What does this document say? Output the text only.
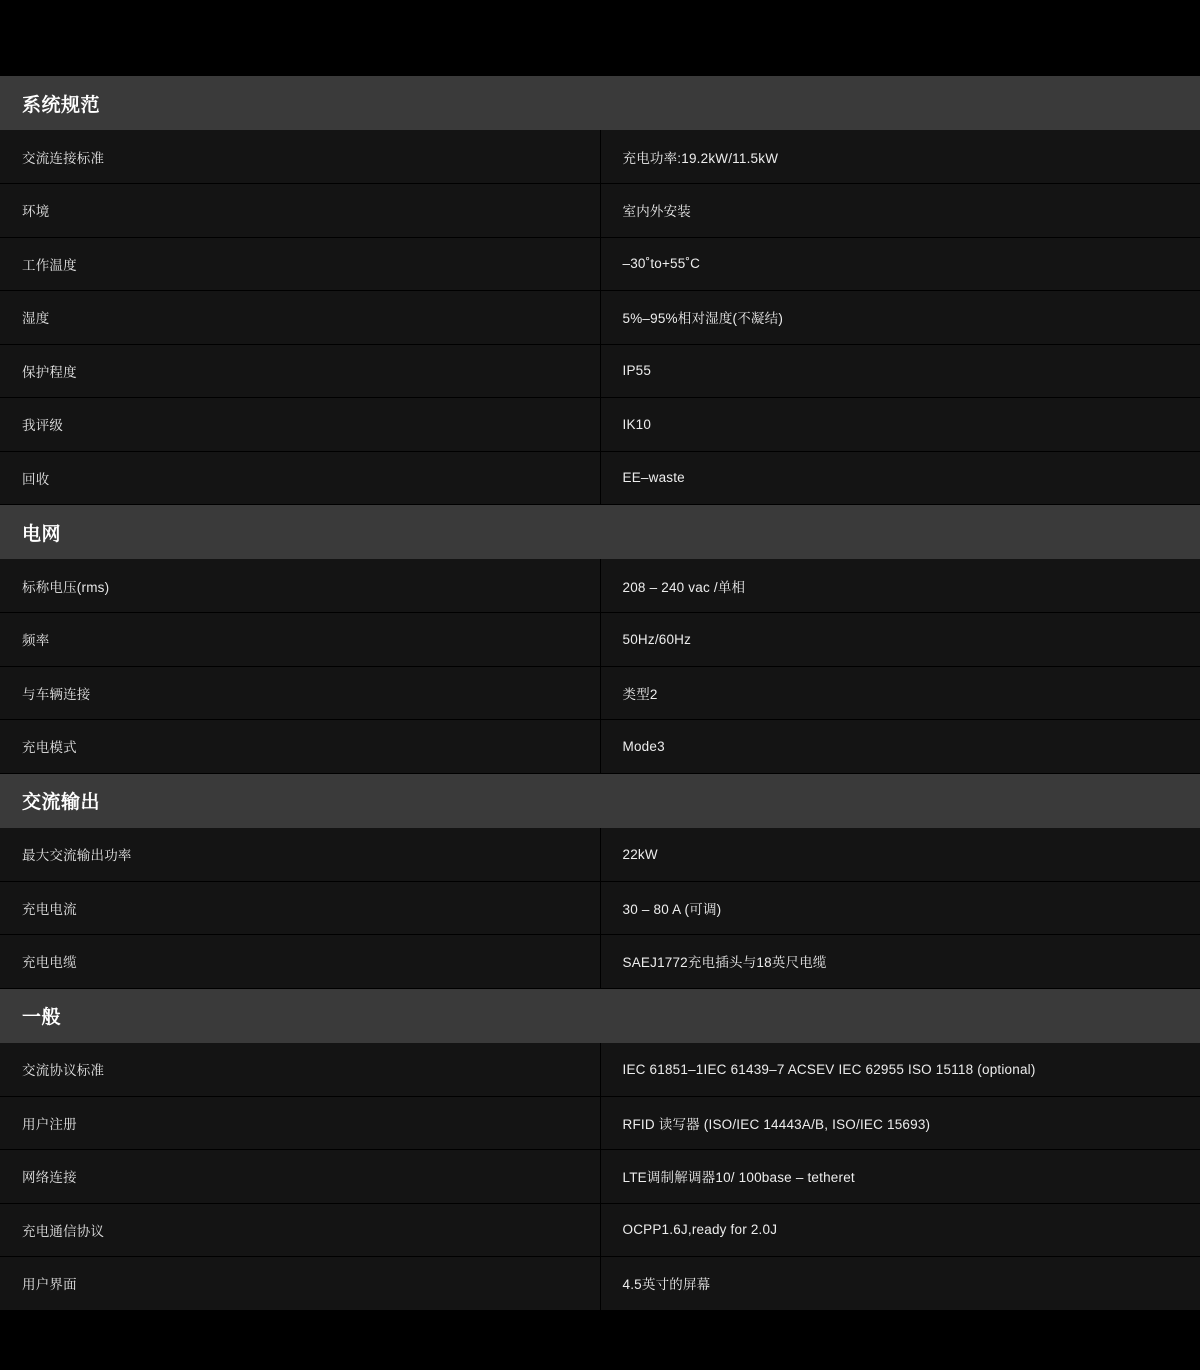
系统规范
交流连接标准	充电功率:19.2kW/11.5kW
环境	室内外安装
工作温度	–30˚to+55˚C
湿度	5%–95%相对湿度(不凝结)
保护程度	IP55
我评级	IK10
回收	EE–waste
电网
标称电压(rms)	208 – 240 vac /单相
频率	50Hz/60Hz
与车辆连接	类型2
充电模式	Mode3
交流输出
最大交流输出功率	22kW
充电电流	30 – 80 A (可调)
充电电缆	SAEJ1772充电插头与18英尺电缆
一般
交流协议标准	IEC 61851–1IEC 61439–7 ACSEV IEC 62955 ISO 15118 (optional)
用户注册	RFID 读写器 (ISO/IEC 14443A/B, ISO/IEC 15693)
网络连接	LTE调制解调器10/ 100base – tetheret
充电通信协议	OCPP1.6J,ready for 2.0J
用户界面	4.5英寸的屏幕
